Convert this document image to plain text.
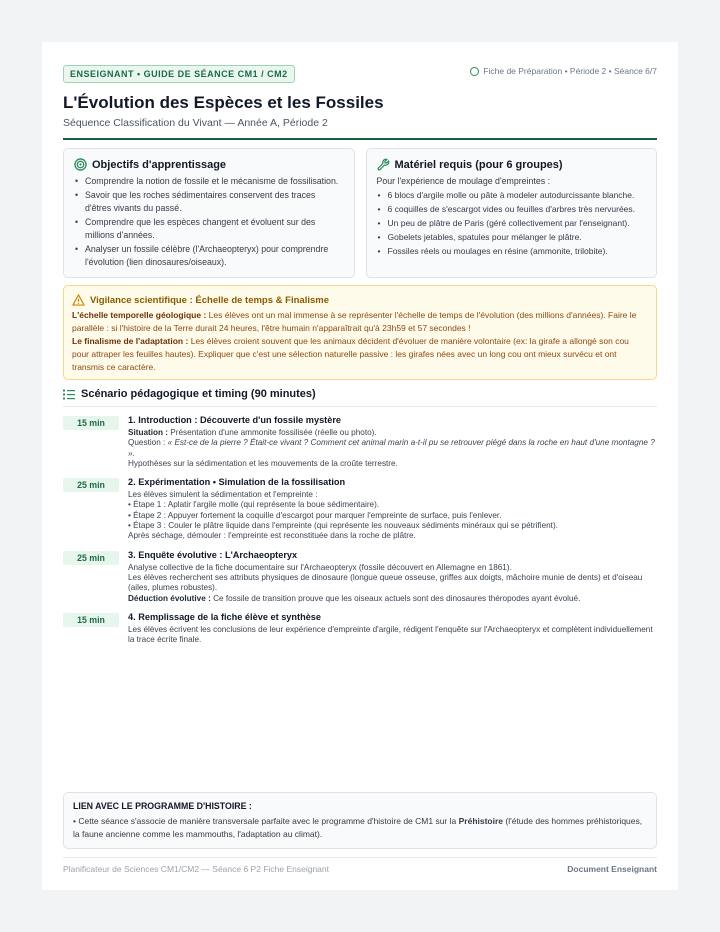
ENSEIGNANT • GUIDE DE SÉANCE CM1 / CM2	Fiche de Préparation • Période 2 • Séance 6/7
L'Évolution des Espèces et les Fossiles
Séquence Classification du Vivant — Année A, Période 2
Objectifs d'apprentissage
• Comprendre la notion de fossile et le mécanisme de fossilisation.
• Savoir que les roches sédimentaires conservent des traces d'êtres vivants du passé.
• Comprendre que les espèces changent et évoluent sur des millions d'années.
• Analyser un fossile célèbre (l'Archaeopteryx) pour comprendre l'évolution (lien dinosaures/oiseaux).
Matériel requis (pour 6 groupes)
Pour l'expérience de moulage d'empreintes :
• 6 blocs d'argile molle ou pâte à modeler autodurcissante blanche.
• 6 coquilles de s'escargot vides ou feuilles d'arbres très nervurées.
• Un peu de plâtre de Paris (géré collectivement par l'enseignant).
• Gobelets jetables, spatules pour mélanger le plâtre.
• Fossiles réels ou moulages en résine (ammonite, trilobite).
Vigilance scientifique : Échelle de temps & Finalisme

L'échelle temporelle géologique : Les élèves ont un mal immense à se représenter l'échelle de temps de l'évolution (des millions d'années). Faire le parallèle : si l'histoire de la Terre durait 24 heures, l'être humain n'apparaîtrait qu'à 23h59 et 57 secondes !

Le finalisme de l'adaptation : Les élèves croient souvent que les animaux décident d'évoluer de manière volontaire (ex: la girafe a allongé son cou pour attraper les feuilles hautes). Expliquer que c'est une sélection naturelle passive : les girafes nées avec un long cou ont mieux survécu et ont transmis ce caractère.

Scénario pédagogique et timing (90 minutes)
15 min	1. Introduction : Découverte d'un fossile mystère
Situation : Présentation d'une ammonite fossilisée (réelle ou photo).
Question : « Est-ce de la pierre ? Était-ce vivant ? Comment cet animal marin a-t-il pu se retrouver piégé dans la roche en haut d'une montagne ? ».
Hypothèses sur la sédimentation et les mouvements de la croûte terrestre.
25 min	2. Expérimentation • Simulation de la fossilisation
Les élèves simulent la sédimentation et l'empreinte :
• Étape 1 : Aplatir l'argile molle (qui représente la boue sédimentaire).
• Étape 2 : Appuyer fortement la coquille d'escargot pour marquer l'empreinte de surface, puis l'enlever.
• Étape 3 : Couler le plâtre liquide dans l'empreinte (qui représente les nouveaux sédiments minéraux qui se pétrifient).
Après séchage, démouler : l'empreinte est reconstituée dans la roche de plâtre.
25 min	3. Enquête évolutive : L'Archaeopteryx
Analyse collective de la fiche documentaire sur l'Archaeopteryx (fossile découvert en Allemagne en 1861).
Les élèves recherchent ses attributs physiques de dinosaure (longue queue osseuse, griffes aux doigts, mâchoire munie de dents) et d'oiseau (ailes, plumes robustes).
Déduction évolutive : Ce fossile de transition prouve que les oiseaux actuels sont des dinosaures théropodes ayant évolué.
15 min	4. Remplissage de la fiche élève et synthèse
Les élèves écrivent les conclusions de leur expérience d'empreinte d'argile, rédigent l'enquête sur l'Archaeopteryx et complètent individuellement la trace écrite finale.
LIEN AVEC LE PROGRAMME D'HISTOIRE :

• Cette séance s'associe de manière transversale parfaite avec le programme d'histoire de CM1 sur la Préhistoire (l'étude des hommes préhistoriques, la faune ancienne comme les mammouths, l'adaptation au climat).

Planificateur de Sciences CM1/CM2 — Séance 6 P2 Fiche Enseignant	Document Enseignant
